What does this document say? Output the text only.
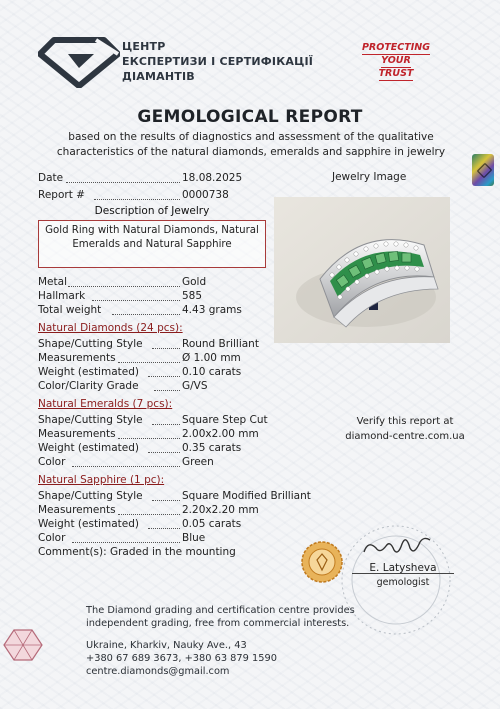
ЦЕНТР
ЕКСПЕРТИЗИ І СЕРТИФІКАЦІЇ
ДІАМАНТІВ
PROTECTING
YOUR
TRUST
GEMOLOGICAL REPORT
based on the results of diagnostics and assessment of the qualitative characteristics of the natural diamonds, emeralds and sapphire in jewelry
Date	18.08.2025
Report #	0000738
Description of Jewelry
Gold Ring with Natural Diamonds, Natural Emeralds and Natural Sapphire
Metal	Gold
Hallmark	585
Total weight	4.43 grams
Natural Diamonds (24 pcs):
Shape/Cutting Style	Round Brilliant
Measurements	Ø 1.00 mm
Weight (estimated)	0.10 carats
Color/Clarity Grade	G/VS
Natural Emeralds (7 pcs):
Shape/Cutting Style	Square Step Cut
Measurements	2.00x2.00 mm
Weight (estimated)	0.35 carats
Color	Green
Natural Sapphire (1 pc):
Shape/Cutting Style	Square Modified Brilliant
Measurements	2.20x2.20 mm
Weight (estimated)	0.05 carats
Color	Blue
Comment(s): Graded in the mounting
Jewelry Image
Verify this report at
diamond-centre.com.ua
E. Latysheva
gemologist
The Diamond grading and certification centre provides
independent grading, free from commercial interests.
Ukraine, Kharkiv, Nauky Ave., 43
+380 67 689 3673, +380 63 879 1590
centre.diamonds@gmail.com
